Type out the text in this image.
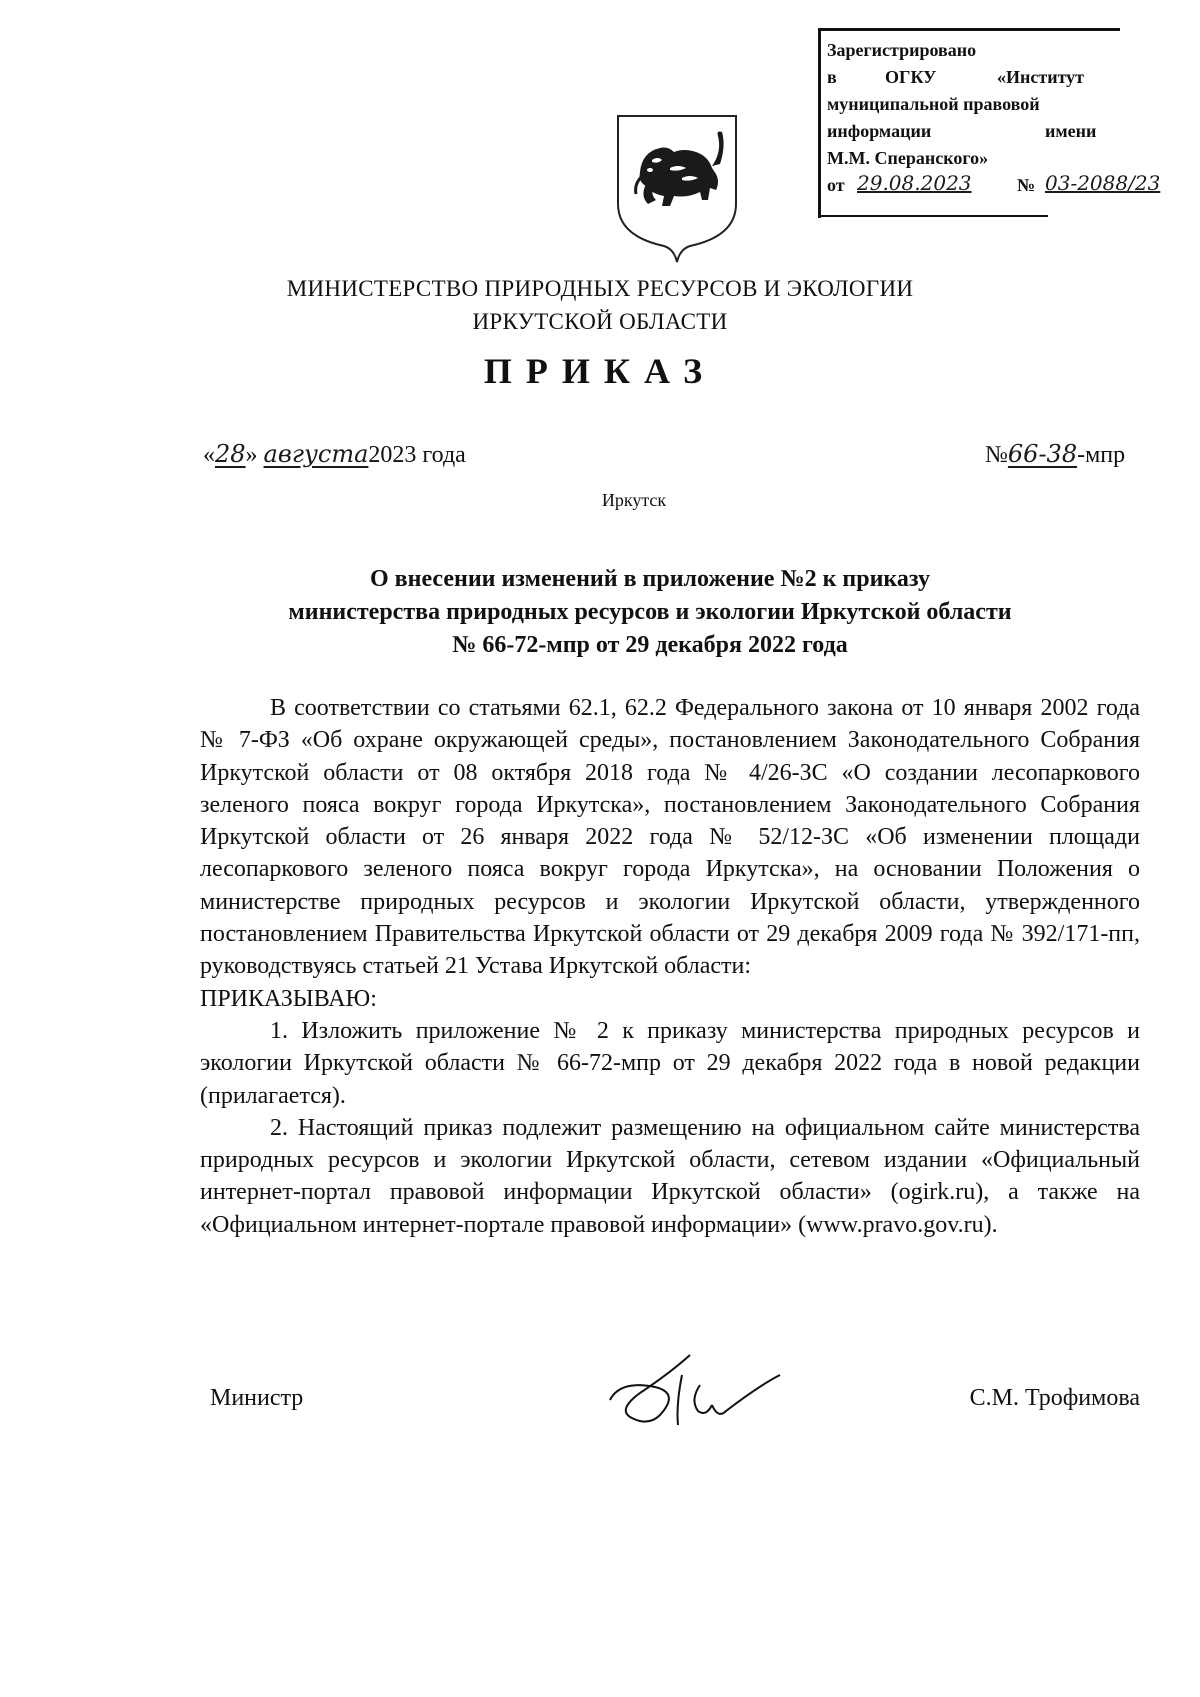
Зарегистрировано
в	ОГКУ	«Институт
муниципальной правовой
информации	имени
М.М. Сперанского»
от 29.08.2023	№ 03-2088/23
МИНИСТЕРСТВО ПРИРОДНЫХ РЕСУРСОВ И ЭКОЛОГИИ
ИРКУТСКОЙ ОБЛАСТИ
ПРИКАЗ
«28» августа2023 года	№66-38-мпр
Иркутск
О внесении изменений в приложение №2 к приказу
министерства природных ресурсов и экологии Иркутской области
№ 66-72-мпр от 29 декабря 2022 года

В соответствии со статьями 62.1, 62.2 Федерального закона от 10 января 2002 года № 7-ФЗ «Об охране окружающей среды», постановлением Законодательного Собрания Иркутской области от 08 октября 2018 года № 4/26-ЗС «О создании лесопаркового зеленого пояса вокруг города Иркутска», постановлением Законодательного Собрания Иркутской области от 26 января 2022 года № 52/12-ЗС «Об изменении площади лесопаркового зеленого пояса вокруг города Иркутска», на основании Положения о министерстве природных ресурсов и экологии Иркутской области, утвержденного постановлением Правительства Иркутской области от 29 декабря 2009 года № 392/171-пп, руководствуясь статьей 21 Устава Иркутской области:

ПРИКАЗЫВАЮ:

1. Изложить приложение № 2 к приказу министерства природных ресурсов и экологии Иркутской области № 66-72-мпр от 29 декабря 2022 года в новой редакции (прилагается).

2. Настоящий приказ подлежит размещению на официальном сайте министерства природных ресурсов и экологии Иркутской области, сетевом издании «Официальный интернет-портал правовой информации Иркутской области» (ogirk.ru), а также на «Официальном интернет-портале правовой информации» (www.pravo.gov.ru).

Министр	С.М. Трофимова
